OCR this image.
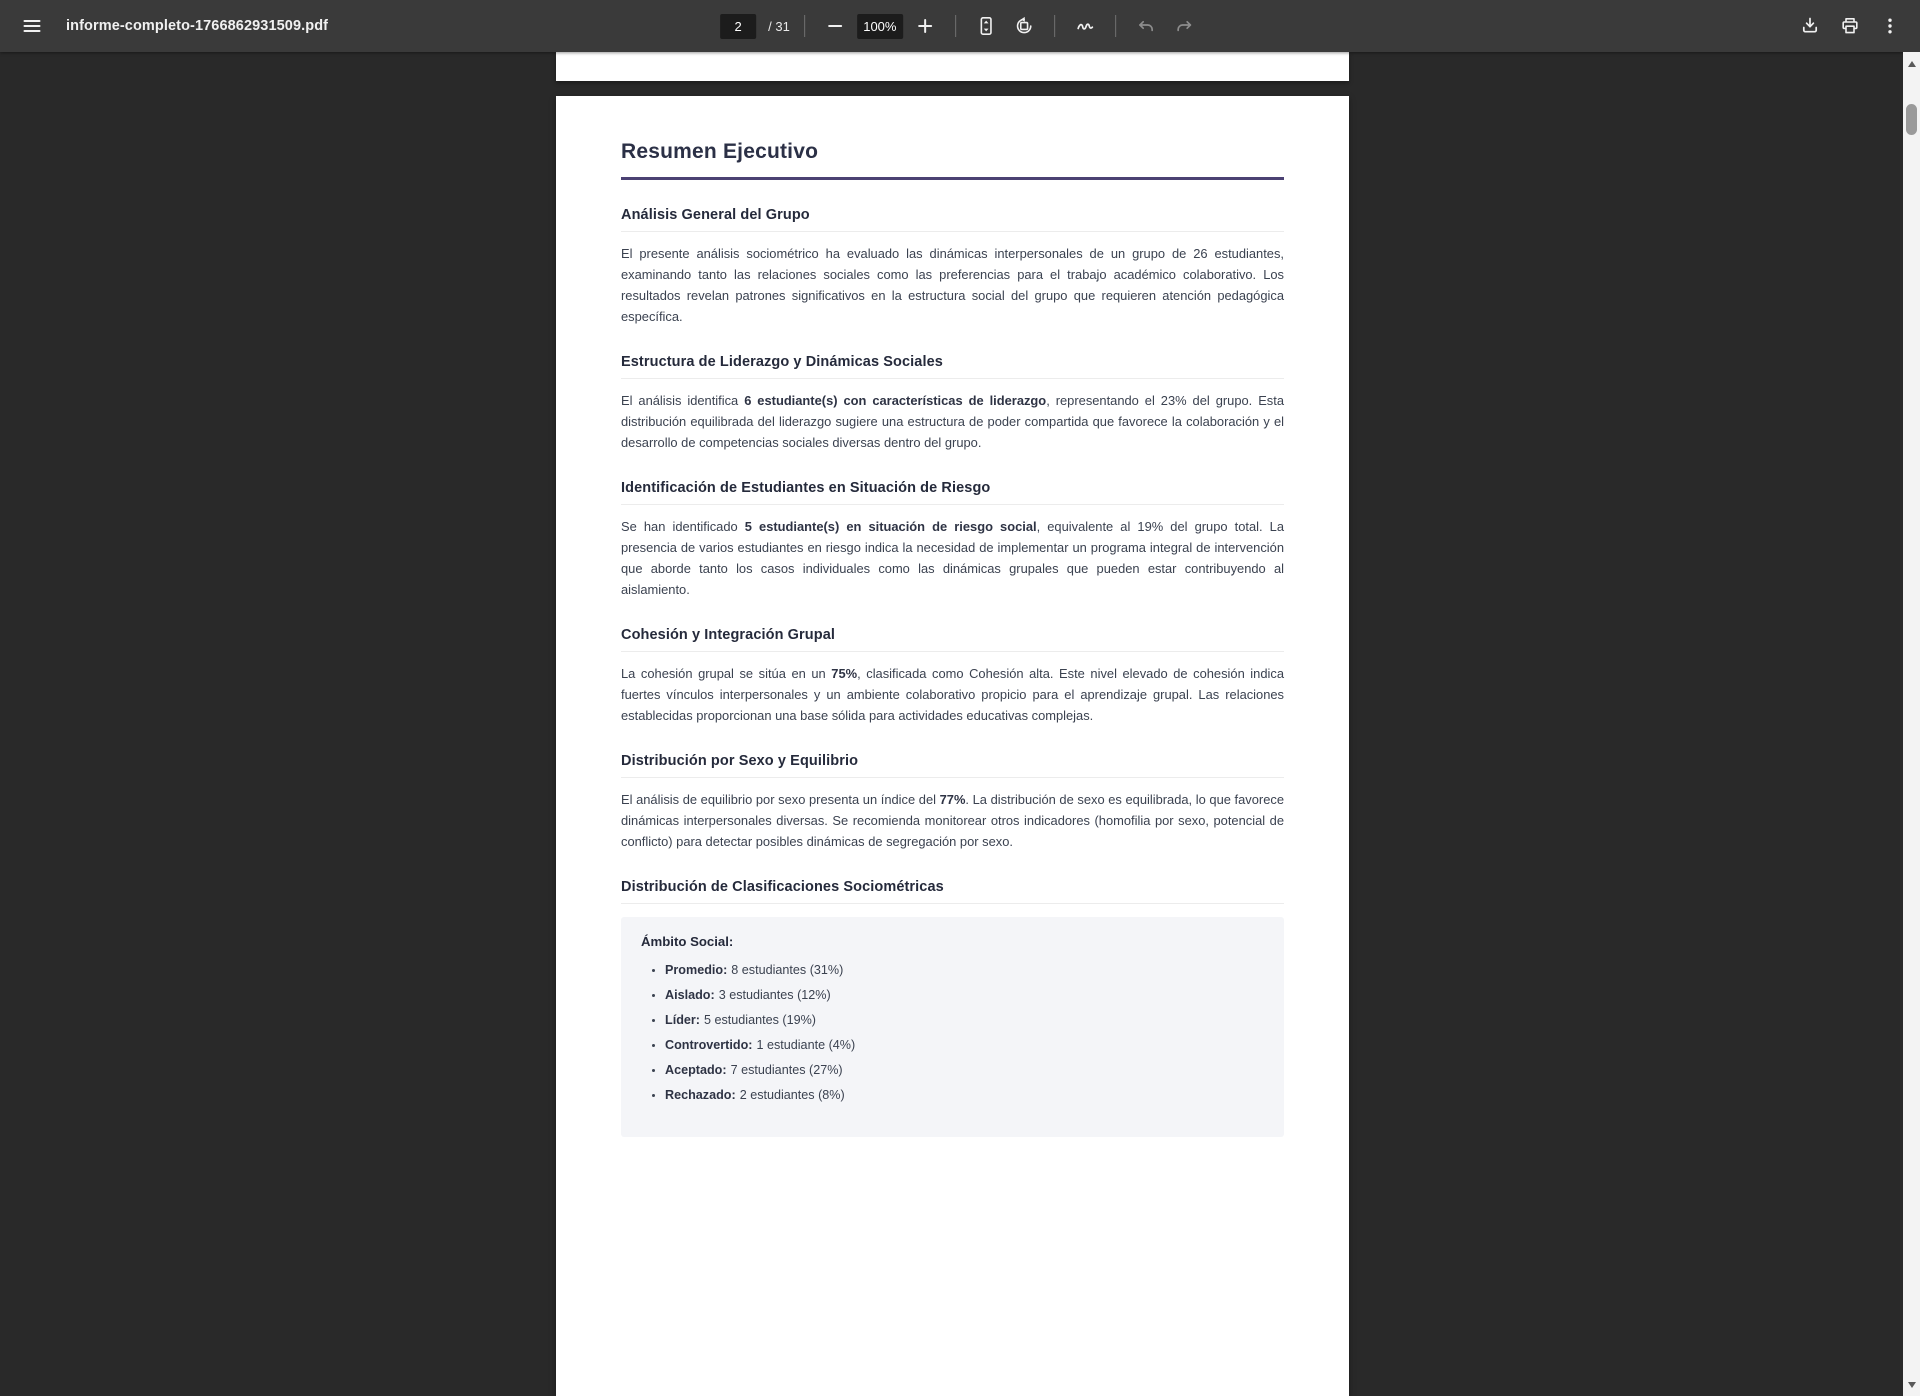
informe-completo-1766862931509.pdf
2	/ 31	100%
Resumen Ejecutivo
Análisis General del Grupo

El presente análisis sociométrico ha evaluado las dinámicas interpersonales de un grupo de 26 estudiantes, examinando tanto las relaciones sociales como las preferencias para el trabajo académico colaborativo. Los resultados revelan patrones significativos en la estructura social del grupo que requieren atención pedagógica específica.

Estructura de Liderazgo y Dinámicas Sociales

El análisis identifica 6 estudiante(s) con características de liderazgo, representando el 23% del grupo. Esta distribución equilibrada del liderazgo sugiere una estructura de poder compartida que favorece la colaboración y el desarrollo de competencias sociales diversas dentro del grupo.

Identificación de Estudiantes en Situación de Riesgo

Se han identificado 5 estudiante(s) en situación de riesgo social, equivalente al 19% del grupo total. La presencia de varios estudiantes en riesgo indica la necesidad de implementar un programa integral de intervención que aborde tanto los casos individuales como las dinámicas grupales que pueden estar contribuyendo al aislamiento.

Cohesión y Integración Grupal

La cohesión grupal se sitúa en un 75%, clasificada como Cohesión alta. Este nivel elevado de cohesión indica fuertes vínculos interpersonales y un ambiente colaborativo propicio para el aprendizaje grupal. Las relaciones establecidas proporcionan una base sólida para actividades educativas complejas.

Distribución por Sexo y Equilibrio

El análisis de equilibrio por sexo presenta un índice del 77%. La distribución de sexo es equilibrada, lo que favorece dinámicas interpersonales diversas. Se recomienda monitorear otros indicadores (homofilia por sexo, potencial de conflicto) para detectar posibles dinámicas de segregación por sexo.

Distribución de Clasificaciones Sociométricas
Ámbito Social:
• Promedio: 8 estudiantes (31%)
• Aislado: 3 estudiantes (12%)
• Líder: 5 estudiantes (19%)
• Controvertido: 1 estudiante (4%)
• Aceptado: 7 estudiantes (27%)
• Rechazado: 2 estudiantes (8%)
